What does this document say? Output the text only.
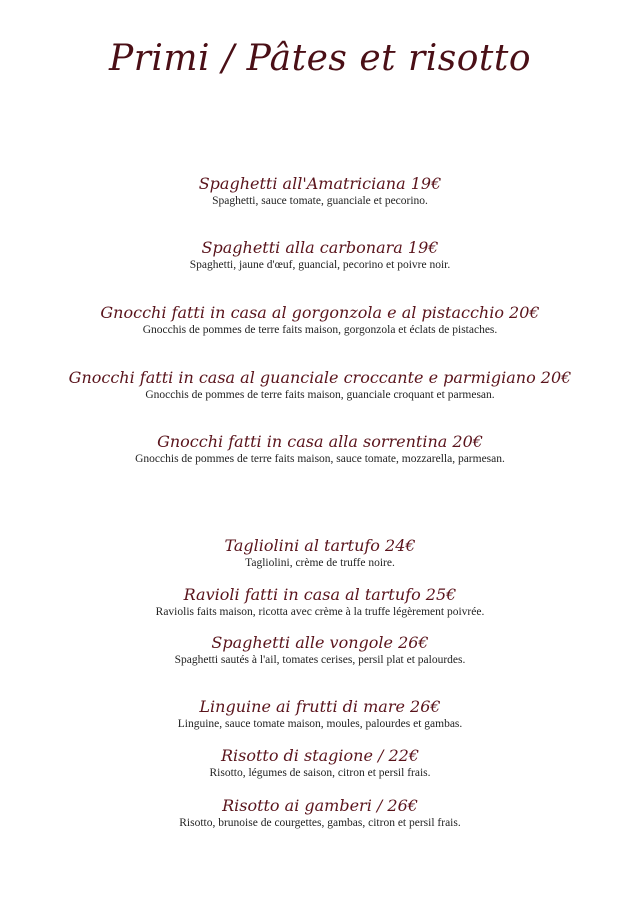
Primi / Pâtes et risotto
Spaghetti all'Amatriciana 19€
Spaghetti, sauce tomate, guanciale et pecorino.
Spaghetti alla carbonara 19€
Spaghetti, jaune d'œuf, guancial, pecorino et poivre noir.
Gnocchi fatti in casa al gorgonzola e al pistacchio 20€
Gnocchis de pommes de terre faits maison, gorgonzola et éclats de pistaches.
Gnocchi fatti in casa al guanciale croccante e parmigiano 20€
Gnocchis de pommes de terre faits maison, guanciale croquant et parmesan.
Gnocchi fatti in casa alla sorrentina 20€
Gnocchis de pommes de terre faits maison, sauce tomate, mozzarella, parmesan.
Tagliolini al tartufo 24€
Tagliolini, crème de truffe noire.
Ravioli fatti in casa al tartufo 25€
Raviolis faits maison, ricotta avec crème à la truffe légèrement poivrée.
Spaghetti alle vongole 26€
Spaghetti sautés à l'ail, tomates cerises, persil plat et palourdes.
Linguine ai frutti di mare 26€
Linguine, sauce tomate maison, moules, palourdes et gambas.
Risotto di stagione / 22€
Risotto, légumes de saison, citron et persil frais.
Risotto ai gamberi / 26€
Risotto, brunoise de courgettes, gambas, citron et persil frais.
